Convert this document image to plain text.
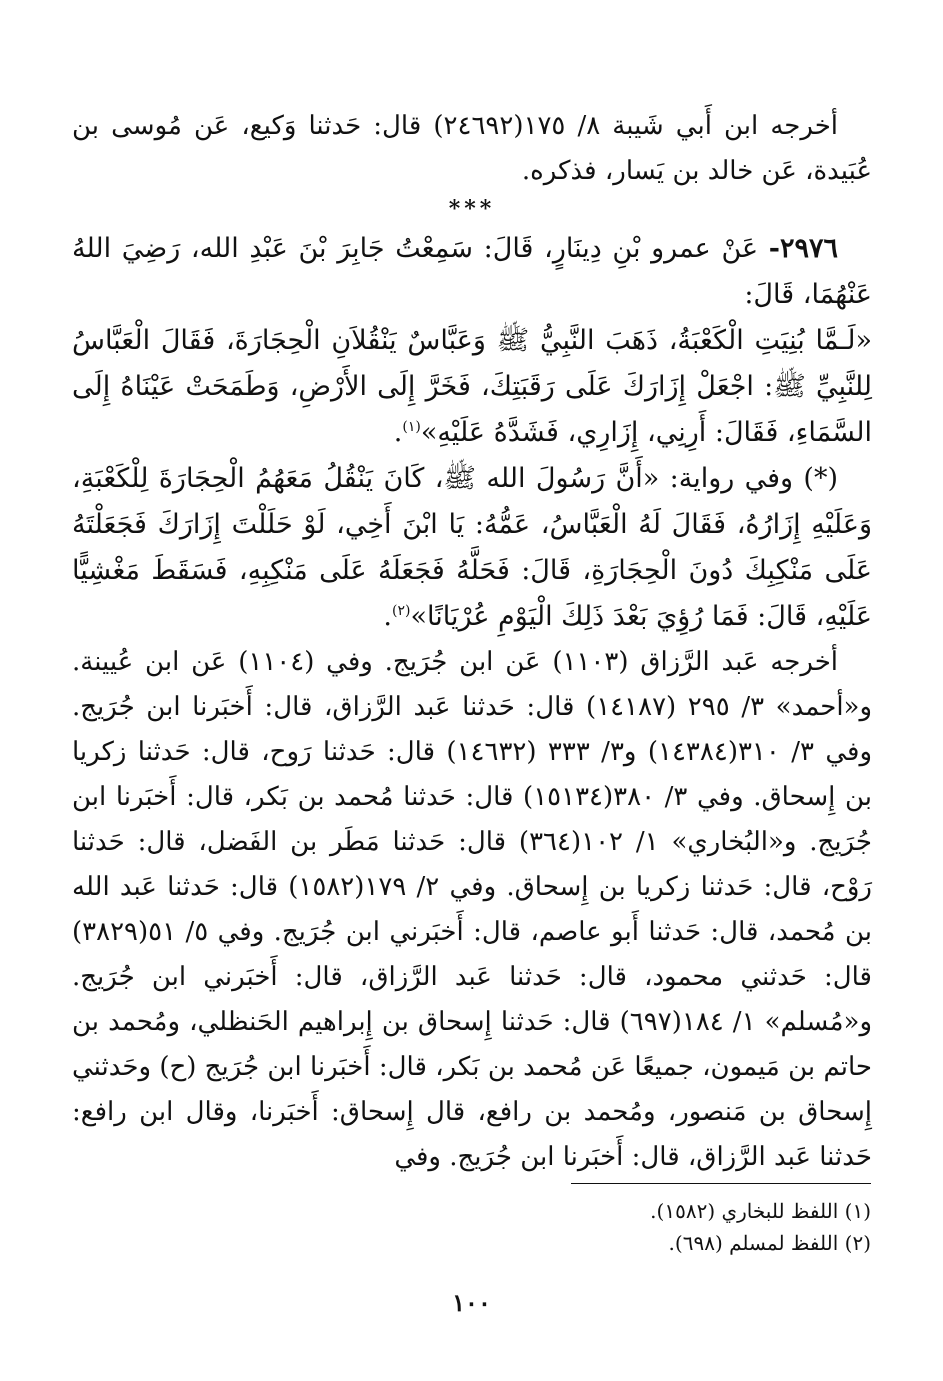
أخرجه ابن أَبي شَيبة ٨/ ١٧٥(٢٤٦٩٢) قال: حَدثنا وَكيع، عَن مُوسى بن عُبَيدة، عَن خالد بن يَسار، فذكره.

***

٢٩٧٦- عَنْ عمرو بْنِ دِينَارٍ، قَالَ: سَمِعْتُ جَابِرَ بْنَ عَبْدِ الله، رَضِيَ اللهُ عَنْهُمَا، قَالَ:

«لَـمَّا بُنِيَتِ الْكَعْبَةُ، ذَهَبَ النَّبِيُّ ﷺ وَعَبَّاسٌ يَنْقُلاَنِ الْحِجَارَةَ، فَقَالَ الْعَبَّاسُ لِلنَّبِيِّ ﷺ: اجْعَلْ إِزَارَكَ عَلَى رَقَبَتِكَ، فَخَرَّ إِلَى الأَرْضِ، وَطَمَحَتْ عَيْنَاهُ إِلَى السَّمَاءِ، فَقَالَ: أَرِنِي، إِزَارِي، فَشَدَّهُ عَلَيْهِ»$^{(١)}$.

(*) وفي رواية: «أَنَّ رَسُولَ الله ﷺ، كَانَ يَنْقُلُ مَعَهُمُ الْحِجَارَةَ لِلْكَعْبَةِ، وَعَلَيْهِ إِزَارُهُ، فَقَالَ لَهُ الْعَبَّاسُ، عَمُّهُ: يَا ابْنَ أَخِي، لَوْ حَلَلْتَ إِزَارَكَ فَجَعَلْتَهُ عَلَى مَنْكِبِكَ دُونَ الْحِجَارَةِ، قَالَ: فَحَلَّهُ فَجَعَلَهُ عَلَى مَنْكِبِهِ، فَسَقَطَ مَغْشِيًّا عَلَيْهِ، قَالَ: فَمَا رُؤِيَ بَعْدَ ذَلِكَ الْيَوْمِ عُرْيَانًا»$^{(٢)}$.

أخرجه عَبد الرَّزاق (١١٠٣) عَن ابن جُرَيج. وفي (١١٠٤) عَن ابن عُيينة. و«أحمد» ٣/ ٢٩٥ (١٤١٨٧) قال: حَدثنا عَبد الرَّزاق، قال: أَخبَرنا ابن جُرَيج. وفي ٣/ ٣١٠(١٤٣٨٤) و٣/ ٣٣٣ (١٤٦٣٢) قال: حَدثنا رَوح، قال: حَدثنا زكريا بن إِسحاق. وفي ٣/ ٣٨٠(١٥١٣٤) قال: حَدثنا مُحمد بن بَكر، قال: أَخبَرنا ابن جُرَيج. و«البُخاري» ١/ ١٠٢(٣٦٤) قال: حَدثنا مَطَر بن الفَضل، قال: حَدثنا رَوْح، قال: حَدثنا زكريا بن إِسحاق. وفي ٢/ ١٧٩(١٥٨٢) قال: حَدثنا عَبد الله بن مُحمد، قال: حَدثنا أَبو عاصم، قال: أَخبَرني ابن جُرَيج. وفي ٥/ ٥١(٣٨٢٩) قال: حَدثني محمود، قال: حَدثنا عَبد الرَّزاق، قال: أَخبَرني ابن جُرَيج. و«مُسلم» ١/ ١٨٤(٦٩٧) قال: حَدثنا إِسحاق بن إِبراهيم الحَنظلي، ومُحمد بن حاتم بن مَيمون، جميعًا عَن مُحمد بن بَكر، قال: أَخبَرنا ابن جُرَيج (ح) وحَدثني إِسحاق بن مَنصور، ومُحمد بن رافع، قال إِسحاق: أَخبَرنا، وقال ابن رافع: حَدثنا عَبد الرَّزاق، قال: أَخبَرنا ابن جُرَيج. وفي

(١) اللفظ للبخاري (١٥٨٢).

(٢) اللفظ لمسلم (٦٩٨).

١٠٠
